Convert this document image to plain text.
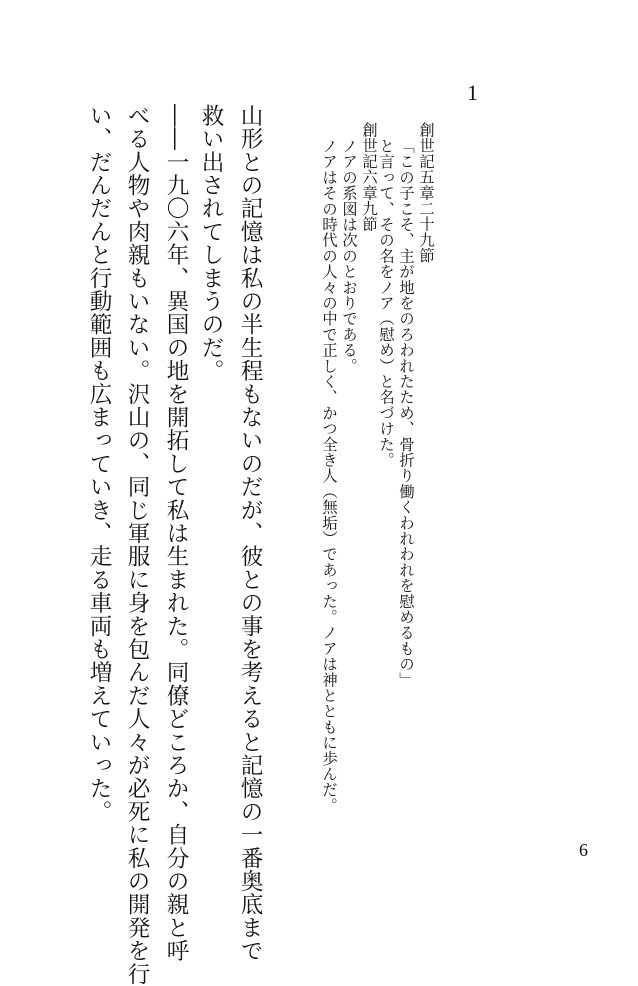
1
創世記五章二十九節
「この子こそ、主が地をのろわれたため、骨折り働くわれわれを慰めるもの」
と言って、その名をノア（慰め）と名づけた。
創世記六章九節
ノアの系図は次のとおりである。
ノアはその時代の人々の中で正しく、かつ全き人（無垢）であった。ノアは神とともに歩んだ。
山形との記憶は私の半生程もないのだが、彼との事を考えると記憶の一番奥底まで
救い出されてしまうのだ。
――一九〇六年、異国の地を開拓して私は生まれた。同僚どころか、自分の親と呼
べる人物や肉親もいない。沢山の、同じ軍服に身を包んだ人々が必死に私の開発を行
い、だんだんと行動範囲も広まっていき、走る車両も増えていった。
6
